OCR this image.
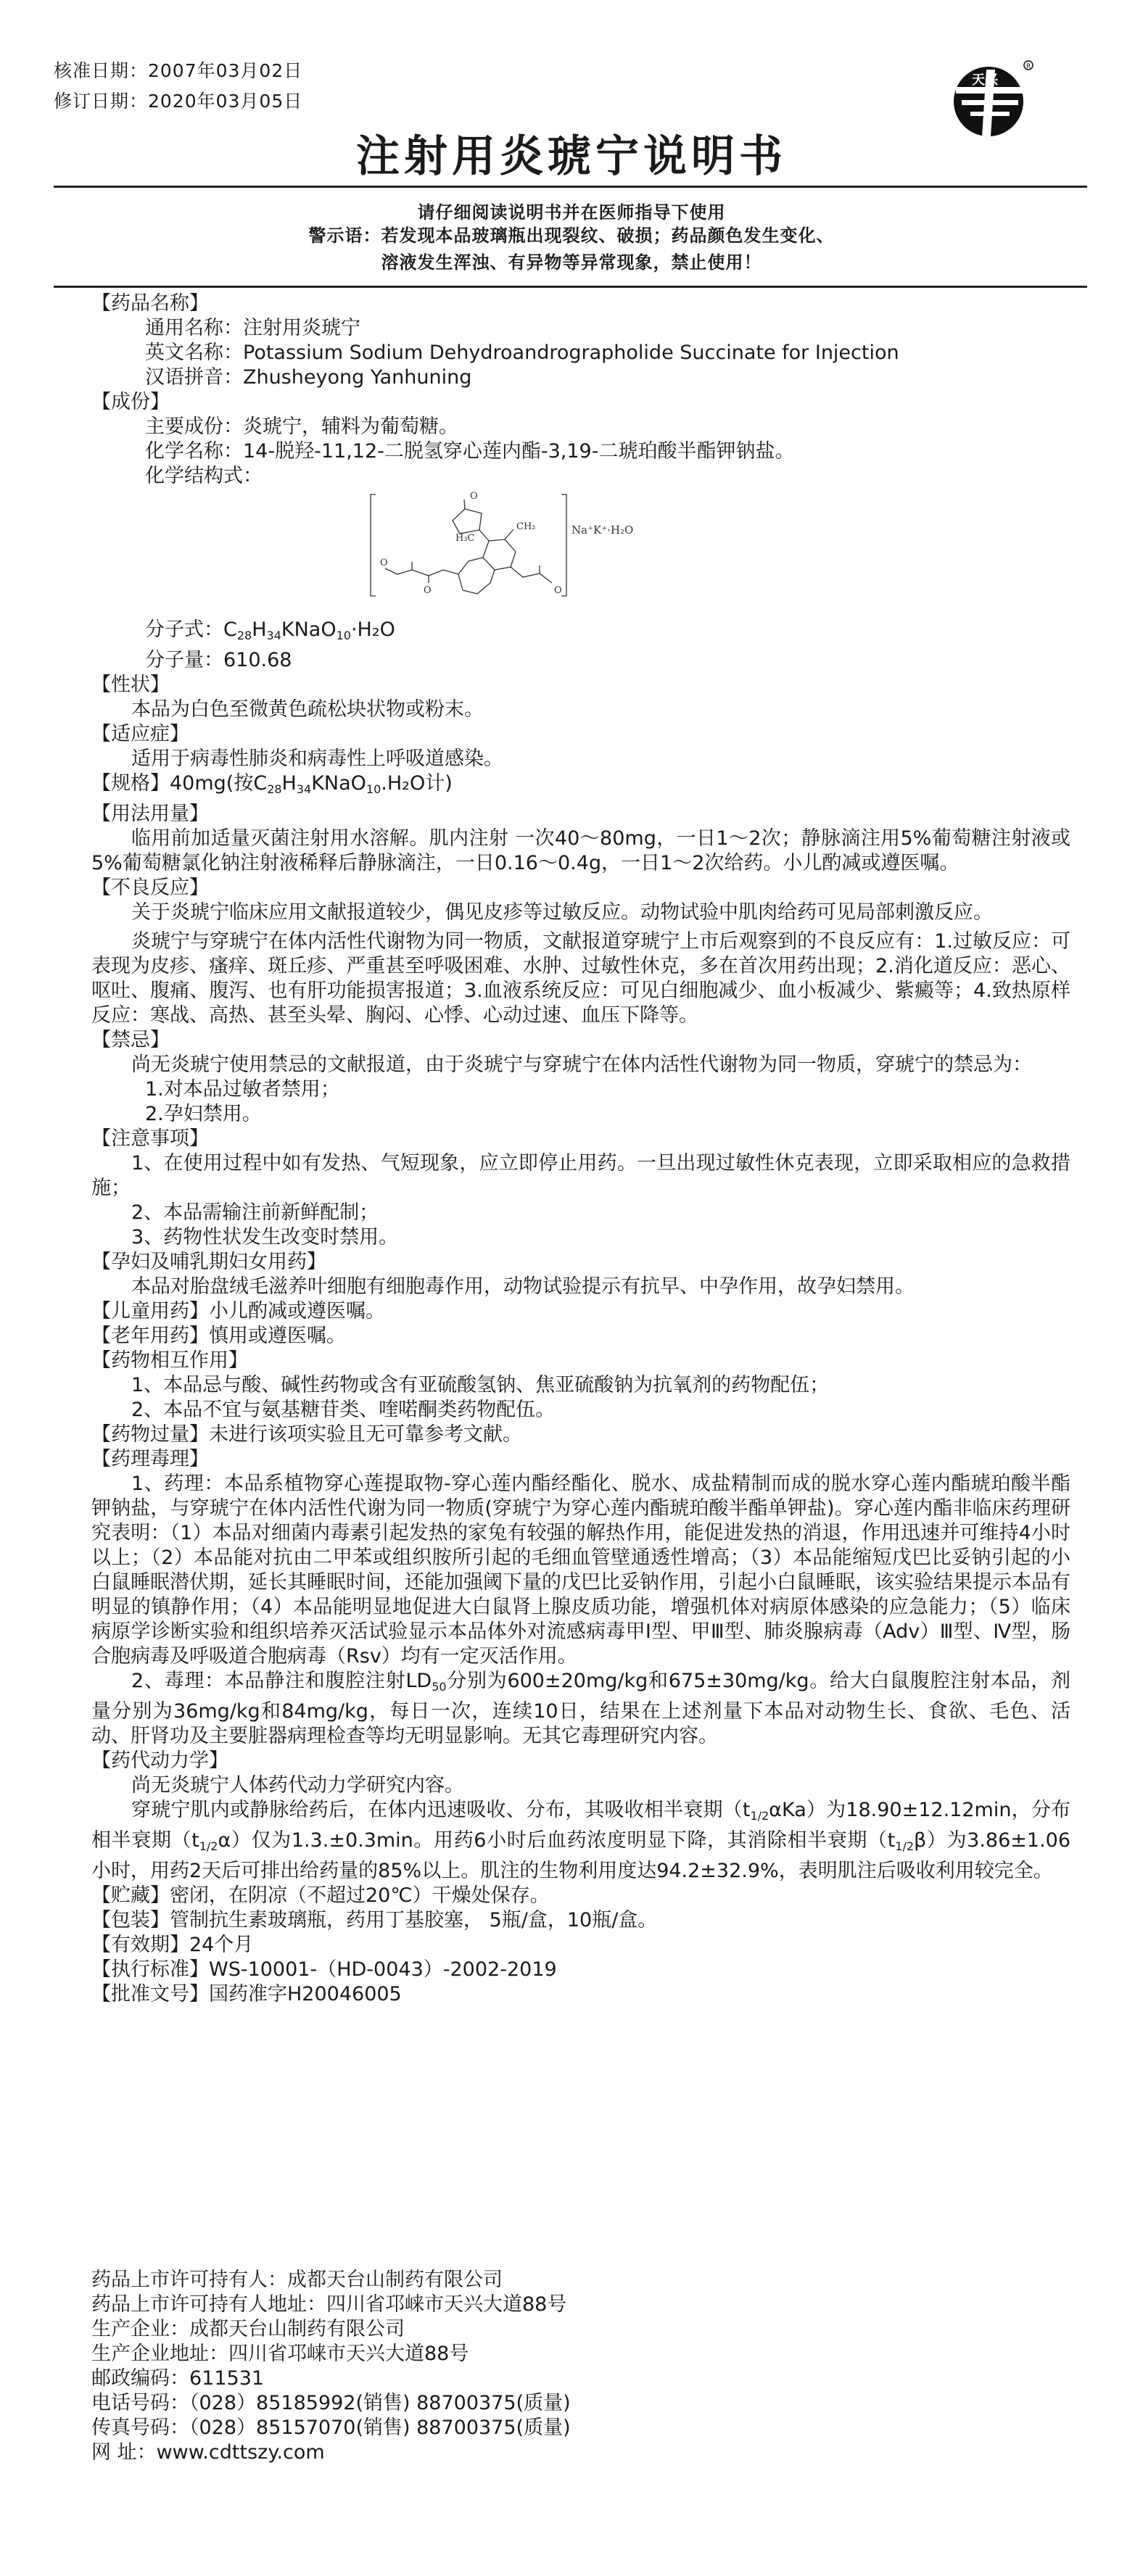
核准日期：2007年03月02日
修订日期：2020年03月05日
天兴
R
注射用炎琥宁说明书
请仔细阅读说明书并在医师指导下使用
警示语：若发现本品玻璃瓶出现裂纹、破损；药品颜色发生变化、
溶液发生浑浊、有异物等异常现象，禁止使用！
【药品名称】
通用名称：注射用炎琥宁
英文名称：Potassium Sodium Dehydroandrographolide Succinate for Injection
汉语拼音：Zhusheyong Yanhuning
【成份】
主要成份：炎琥宁，辅料为葡萄糖。
化学名称：14-脱羟-11,12-二脱氢穿心莲内酯-3,19-二琥珀酸半酯钾钠盐。
化学结构式：
O
H₃C
CH₂
O
O	O
Na⁺K⁺·H₂O
分子式：$C_{28}H_{34}KNaO_{10}\cdot H_2O$
分子量：610.68
【性状】
本品为白色至微黄色疏松块状物或粉末。
【适应症】
适用于病毒性肺炎和病毒性上呼吸道感染。
【规格】40mg(按$C_{28}H_{34}KNaO_{10}.H_2O$计)
【用法用量】
临用前加适量灭菌注射用水溶解。肌内注射 一次40～80mg，一日1～2次；静脉滴注用5%葡萄糖注射液或5%葡萄糖氯化钠注射液稀释后静脉滴注，一日0.16～0.4g，一日1～2次给药。小儿酌减或遵医嘱。
【不良反应】
关于炎琥宁临床应用文献报道较少，偶见皮疹等过敏反应。动物试验中肌肉给药可见局部刺激反应。
炎琥宁与穿琥宁在体内活性代谢物为同一物质，文献报道穿琥宁上市后观察到的不良反应有：1.过敏反应：可表现为皮疹、瘙痒、斑丘疹、严重甚至呼吸困难、水肿、过敏性休克，多在首次用药出现；2.消化道反应：恶心、呕吐、腹痛、腹泻、也有肝功能损害报道；3.血液系统反应：可见白细胞减少、血小板减少、紫癜等；4.致热原样反应：寒战、高热、甚至头晕、胸闷、心悸、心动过速、血压下降等。
【禁忌】
尚无炎琥宁使用禁忌的文献报道，由于炎琥宁与穿琥宁在体内活性代谢物为同一物质，穿琥宁的禁忌为：
1.对本品过敏者禁用；
2.孕妇禁用。
【注意事项】
1、在使用过程中如有发热、气短现象，应立即停止用药。一旦出现过敏性休克表现，立即采取相应的急救措施；
2、本品需输注前新鲜配制；
3、药物性状发生改变时禁用。
【孕妇及哺乳期妇女用药】
本品对胎盘绒毛滋养叶细胞有细胞毒作用，动物试验提示有抗早、中孕作用，故孕妇禁用。
【儿童用药】小儿酌减或遵医嘱。
【老年用药】慎用或遵医嘱。
【药物相互作用】
1、本品忌与酸、碱性药物或含有亚硫酸氢钠、焦亚硫酸钠为抗氧剂的药物配伍；
2、本品不宜与氨基糖苷类、喹喏酮类药物配伍。
【药物过量】未进行该项实验且无可靠参考文献。
【药理毒理】
1、药理：本品系植物穿心莲提取物-穿心莲内酯经酯化、脱水、成盐精制而成的脱水穿心莲内酯琥珀酸半酯钾钠盐，与穿琥宁在体内活性代谢为同一物质(穿琥宁为穿心莲内酯琥珀酸半酯单钾盐)。穿心莲内酯非临床药理研究表明：（1）本品对细菌内毒素引起发热的家兔有较强的解热作用，能促进发热的消退，作用迅速并可维持4小时以上；（2）本品能对抗由二甲苯或组织胺所引起的毛细血管壁通透性增高；（3）本品能缩短戊巴比妥钠引起的小白鼠睡眠潜伏期，延长其睡眠时间，还能加强阈下量的戊巴比妥钠作用，引起小白鼠睡眠，该实验结果提示本品有明显的镇静作用；（4）本品能明显地促进大白鼠肾上腺皮质功能，增强机体对病原体感染的应急能力；（5）临床病原学诊断实验和组织培养灭活试验显示本品体外对流感病毒甲Ⅰ型、甲Ⅲ型、肺炎腺病毒（Adv）Ⅲ型、Ⅳ型，肠合胞病毒及呼吸道合胞病毒（Rsv）均有一定灭活作用。
2、毒理：本品静注和腹腔注射$LD_{50}$分别为600±20mg/kg和675±30mg/kg。给大白鼠腹腔注射本品，剂量分别为36mg/kg和84mg/kg，每日一次，连续10日，结果在上述剂量下本品对动物生长、食欲、毛色、活动、肝肾功及主要脏器病理检查等均无明显影响。无其它毒理研究内容。
【药代动力学】
尚无炎琥宁人体药代动力学研究内容。
穿琥宁肌内或静脉给药后，在体内迅速吸收、分布，其吸收相半衰期$(t_{1/2}\alpha Ka)$为18.90±12.12min，分布相半衰期$(t_{1/2}\alpha)$仅为1.3.±0.3min。用药6小时后血药浓度明显下降，其消除相半衰期$(t_{1/2}\beta)$为3.86±1.06小时，用药2天后可排出给药量的85%以上。肌注的生物利用度达94.2±32.9%，表明肌注后吸收利用较完全。
【贮藏】密闭，在阴凉（不超过20℃）干燥处保存。
【包装】管制抗生素玻璃瓶，药用丁基胶塞， 5瓶/盒，10瓶/盒。
【有效期】24个月
【执行标准】WS-10001-（HD-0043）-2002-2019
【批准文号】国药准字H20046005
药品上市许可持有人：成都天台山制药有限公司
药品上市许可持有人地址：四川省邛崃市天兴大道88号
生产企业：成都天台山制药有限公司
生产企业地址：四川省邛崃市天兴大道88号
邮政编码：611531
电话号码：（028）85185992(销售) 88700375(质量)
传真号码：（028）85157070(销售) 88700375(质量)
网 址：www.cdttszy.com
